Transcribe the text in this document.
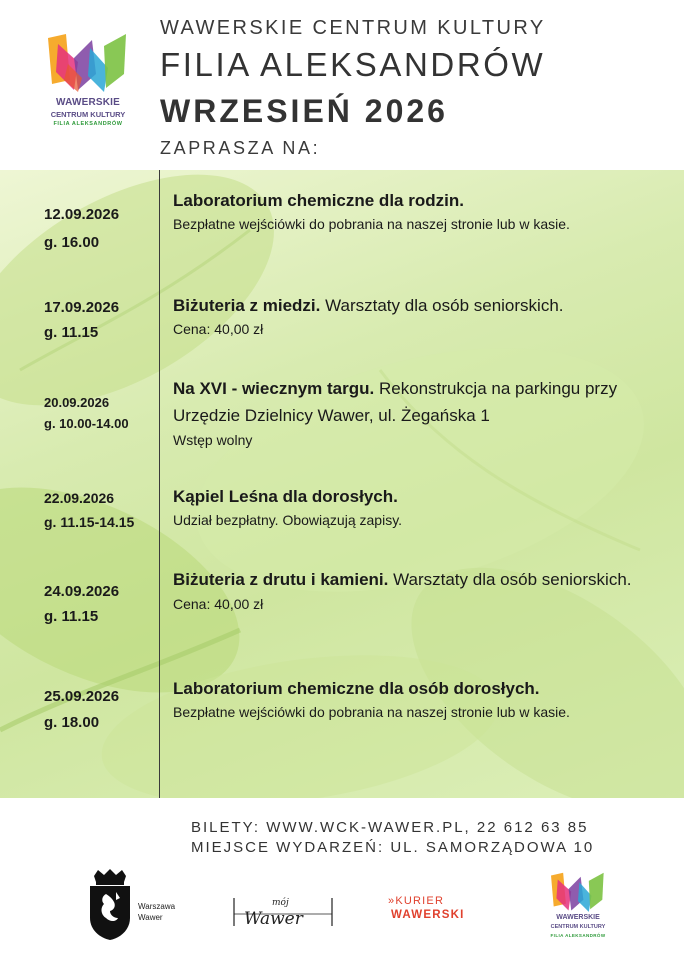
WAWERSKIE
CENTRUM KULTURY
FILIA ALEKSANDRÓW
WAWERSKIE CENTRUM KULTURY
FILIA ALEKSANDRÓW
WRZESIEŃ 2026
ZAPRASZA NA:
12.09.2026
g. 16.00
Laboratorium chemiczne dla rodzin.
Bezpłatne wejściówki do pobrania na naszej stronie lub w kasie.
17.09.2026
g. 11.15
Biżuteria z miedzi. Warsztaty dla osób seniorskich.
Cena: 40,00 zł
20.09.2026
g. 10.00-14.00
Na XVI - wiecznym targu. Rekonstrukcja na parkingu przy Urzędzie Dzielnicy Wawer, ul. Żegańska 1
Wstęp wolny
22.09.2026
g. 11.15-14.15
Kąpiel Leśna dla dorosłych.
Udział bezpłatny. Obowiązują zapisy.
24.09.2026
g. 11.15
Biżuteria z drutu i kamieni. Warsztaty dla osób seniorskich.
Cena: 40,00 zł
25.09.2026
g. 18.00
Laboratorium chemiczne dla osób dorosłych.
Bezpłatne wejściówki do pobrania na naszej stronie lub w kasie.
BILETY: WWW.WCK-WAWER.PL, 22 612 63 85
MIEJSCE WYDARZEŃ: UL. SAMORZĄDOWA 10
Warszawa
Wawer
mój
Wawer
»KURIER
WAWERSKI	WAWERSKIE
CENTRUM KULTURY
FILIA ALEKSANDRÓW
